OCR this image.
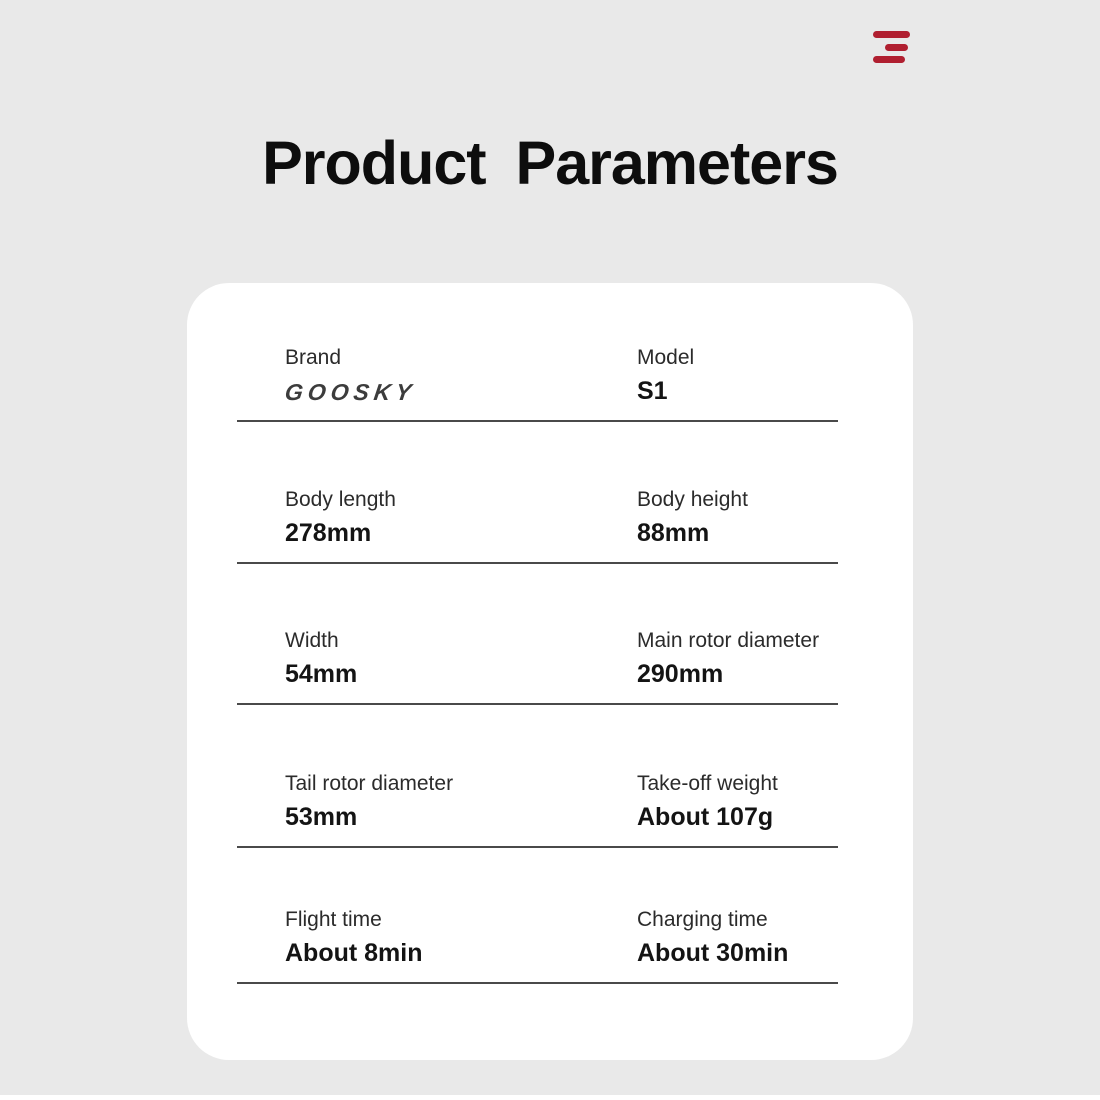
Product Parameters
Brand
GOOSKY
Model
S1
Body length
278mm
Body height
88mm
Width
54mm
Main rotor diameter
290mm
Tail rotor diameter
53mm
Take-off weight
About 107g
Flight time
About 8min
Charging time
About 30min
